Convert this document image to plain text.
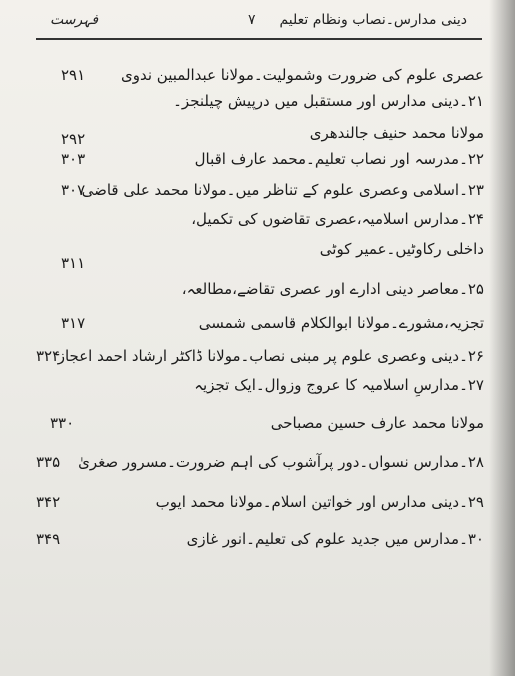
دینی مدارس۔نصاب ونظام تعلیم
۷
فہرست
عصری علوم کی ضرورت وشمولیت۔مولانا عبدالمبین ندوی
۲۹۱
۲۱۔دینی مدارس اور مستقبل میں درپیش چیلنجز۔
مولانا محمد حنیف جالندھری
۲۹۲
۲۲۔مدرسہ اور نصاب تعلیم۔محمد عارف اقبال
۳۰۳
۲۳۔اسلامی وعصری علوم کے تناظر میں۔مولانا محمد علی قاضی
۳۰۷
۲۴۔مدارس اسلامیہ،عصری تقاضوں کی تکمیل،
داخلی رکاوٹیں۔عمیر کوٹی
۳۱۱
۲۵۔معاصر دینی ادارے اور عصری تقاضے،مطالعہ،
تجزیہ،مشورے۔مولانا ابوالکلام قاسمی شمسی
۳۱۷
۲۶۔دینی وعصری علوم پر مبنی نصاب۔مولانا ڈاکٹر ارشاد احمد اعجاز
۳۲۴
۲۷۔مدارسِ اسلامیہ کا عروج وزوال۔ایک تجزیہ
مولانا محمد عارف حسین مصباحی
۳۳۰
۲۸۔مدارس نسواں۔دور پرآشوب کی اہم ضرورت۔مسرور صغریٰ
۳۳۵
۲۹۔دینی مدارس اور خواتین اسلام۔مولانا محمد ایوب
۳۴۲
۳۰۔مدارس میں جدید علوم کی تعلیم۔انور غازی
۳۴۹
